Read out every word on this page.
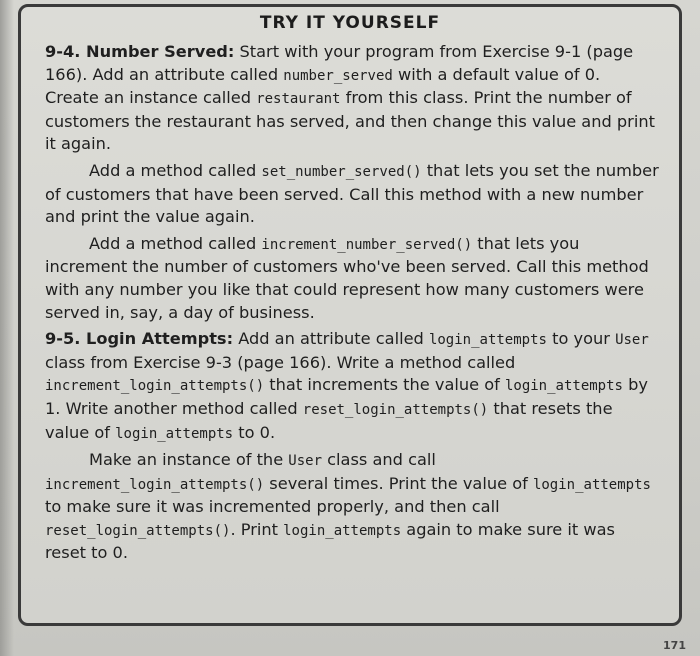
TRY IT YOURSELF

9-4. Number Served: Start with your program from Exercise 9-1 (page 166). Add an attribute called number_served with a default value of 0. Create an instance called restaurant from this class. Print the number of customers the restaurant has served, and then change this value and print it again.

Add a method called set_number_served() that lets you set the number of customers that have been served. Call this method with a new number and print the value again.

Add a method called increment_number_served() that lets you increment the number of customers who've been served. Call this method with any number you like that could represent how many customers were served in, say, a day of business.

9-5. Login Attempts: Add an attribute called login_attempts to your User class from Exercise 9-3 (page 166). Write a method called increment_login_attempts() that increments the value of login_attempts by 1. Write another method called reset_login_attempts() that resets the value of login_attempts to 0.

Make an instance of the User class and call increment_login_attempts() several times. Print the value of login_attempts to make sure it was incremented properly, and then call reset_login_attempts(). Print login_attempts again to make sure it was reset to 0.

171
